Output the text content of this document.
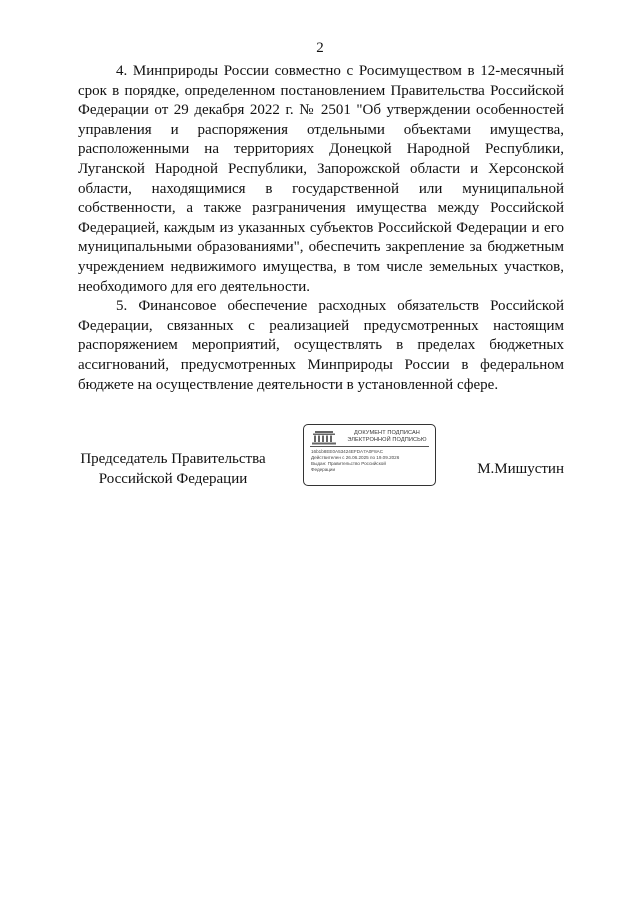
2

4. Минприроды России совместно с Росимуществом в 12-месячный срок в порядке, определенном постановлением Правительства Российской Федерации от 29 декабря 2022 г. № 2501 "Об утверждении особенностей управления и распоряжения отдельными объектами имущества, расположенными на территориях Донецкой Народной Республики, Луганской Народной Республики, Запорожской области и Херсонской области, находящимися в государственной или муниципальной собственности, а также разграничения имущества между Российской Федерацией, каждым из указанных субъектов Российской Федерации и его муниципальными образованиями", обеспечить закрепление за бюджетным учреждением недвижимого имущества, в том числе земельных участков, необходимого для его деятельности.

5. Финансовое обеспечение расходных обязательств Российской Федерации, связанных с реализацией предусмотренных настоящим распоряжением мероприятий, осуществлять в пределах бюджетных ассигнований, предусмотренных Минприроды России в федеральном бюджете на осуществление деятельности в установленной сфере.

Председатель Правительства
Российской Федерации
ДОКУМЕНТ ПОДПИСАН
ЭЛЕКТРОННОЙ ПОДПИСЬЮ
16b1b8EE0A53424EFDA7A0F8AC
Действителен с 26.06.2025 по 19.09.2026
Выдан: Правительство Российской
Федерации	М.Мишустин
